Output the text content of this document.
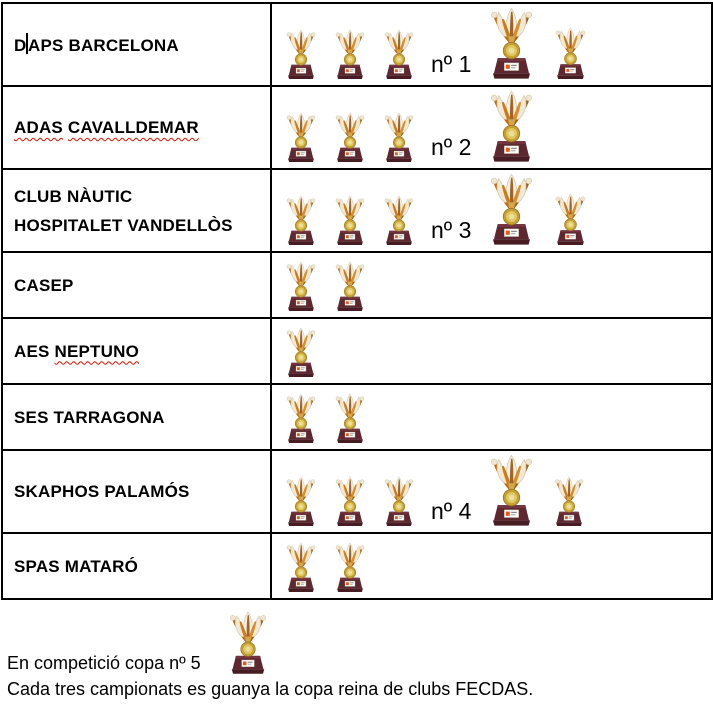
DAPS BARCELONA	nº 1

ADAS CAVALLDEMAR	nº 2

CLUB NÀUTIC
HOSPITALET VANDELLÒS	nº 3

CASEP

AES NEPTUNO

SES TARRAGONA

SKAPHOS PALAMÓS	nº 4

SPAS MATARÓ

En competició copa nº 5
Cada tres campionats es guanya la copa reina de clubs FECDAS.
